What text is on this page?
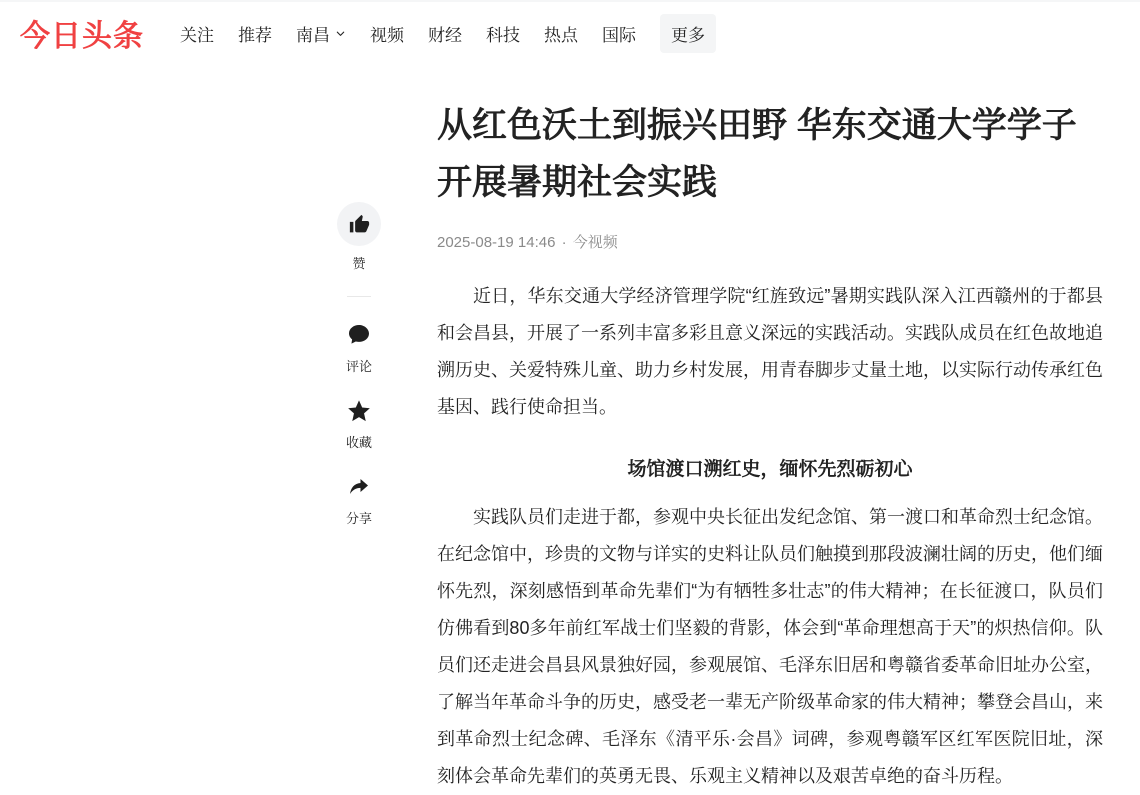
今日头条 关注 推荐 南昌 视频 财经 科技 热点 国际	更多
赞
评论
收藏
分享
从红色沃土到振兴田野 华东交通大学学子开展暑期社会实践
2025-08-19 14:46 · 今视频

近日，华东交通大学经济管理学院“红旌致远”暑期实践队深入江西赣州的于都县和会昌县，开展了一系列丰富多彩且意义深远的实践活动。实践队成员在红色故地追溯历史、关爱特殊儿童、助力乡村发展，用青春脚步丈量土地，以实际行动传承红色基因、践行使命担当。

场馆渡口溯红史，缅怀先烈砺初心

实践队员们走进于都，参观中央长征出发纪念馆、第一渡口和革命烈士纪念馆。在纪念馆中，珍贵的文物与详实的史料让队员们触摸到那段波澜壮阔的历史，他们缅怀先烈，深刻感悟到革命先辈们“为有牺牲多壮志”的伟大精神；在长征渡口，队员们仿佛看到80多年前红军战士们坚毅的背影，体会到“革命理想高于天”的炽热信仰。队员们还走进会昌县风景独好园，参观展馆、毛泽东旧居和粤赣省委革命旧址办公室，了解当年革命斗争的历史，感受老一辈无产阶级革命家的伟大精神；攀登会昌山，来到革命烈士纪念碑、毛泽东《清平乐·会昌》词碑，参观粤赣军区红军医院旧址，深刻体会革命先辈们的英勇无畏、乐观主义精神以及艰苦卓绝的奋斗历程。
